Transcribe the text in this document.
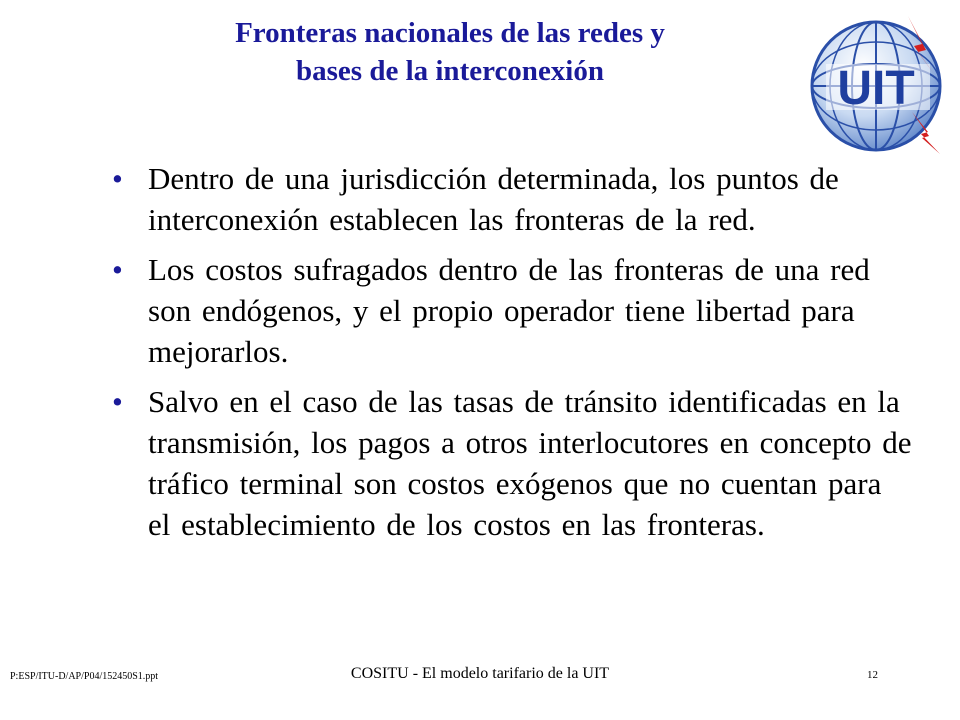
Fronteras nacionales de las redes y
bases de la interconexión	UIT
• Dentro de una jurisdicción determinada, los puntos de interconexión establecen las fronteras de la red.
• Los costos sufragados dentro de las fronteras de una red son endógenos, y el propio operador tiene libertad para mejorarlos.
• Salvo en el caso de las tasas de tránsito identificadas en la transmisión, los pagos a otros interlocutores en concepto de tráfico terminal son costos exógenos que no cuentan para el establecimiento de los costos en las fronteras.
P:ESP/ITU-D/AP/P04/152450S1.ppt	COSITU - El modelo tarifario de la UIT	12
